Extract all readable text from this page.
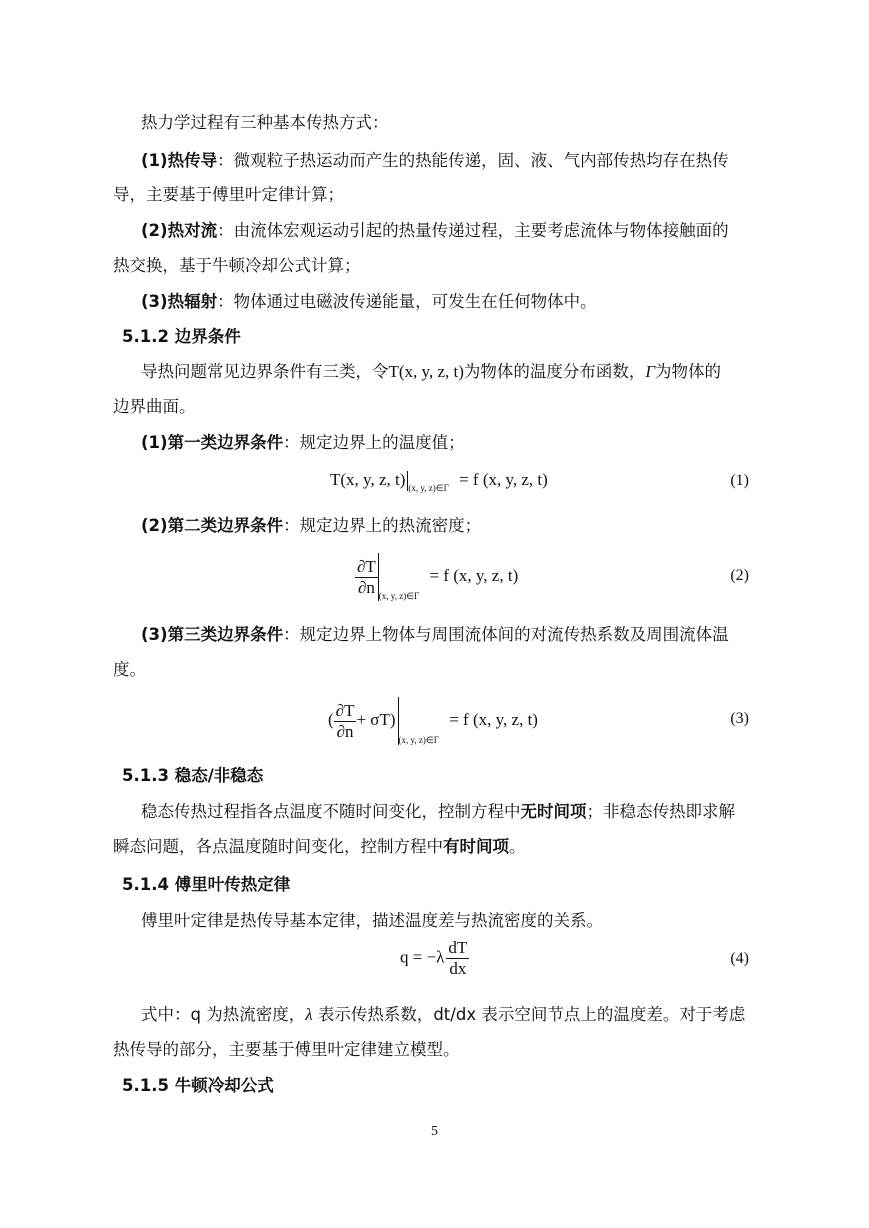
热力学过程有三种基本传热方式：
(1)热传导：微观粒子热运动而产生的热能传递，固、液、气内部传热均存在热传
导，主要基于傅里叶定律计算；
(2)热对流：由流体宏观运动引起的热量传递过程，主要考虑流体与物体接触面的
热交换，基于牛顿冷却公式计算；
(3)热辐射：物体通过电磁波传递能量，可发生在任何物体中。
5.1.2 边界条件
导热问题常见边界条件有三类，令T(x, y, z, t)为物体的温度分布函数，Γ为物体的
边界曲面。
(1)第一类边界条件：规定边界上的温度值；
T(x, y, z, t) $_{(x, y, z)\in\Gamma}$ = f (x, y, z, t)	(1)
(2)第二类边界条件：规定边界上的热流密度；
$\frac{\partial T}{\partial n} _{(x, y, z)\in\Gamma} = f$ (x, y, z, t)	(2)
(3)第三类边界条件：规定边界上物体与周围流体间的对流传热系数及周围流体温
度。
( $\frac{\partial T}{\partial n} + \sigma T)_{(x, y, z)\in\Gamma} = f$ (x, y, z, t)	(3)
5.1.3 稳态/非稳态
稳态传热过程指各点温度不随时间变化，控制方程中无时间项；非稳态传热即求解
瞬态问题，各点温度随时间变化，控制方程中有时间项。
5.1.4 傅里叶传热定律
傅里叶定律是热传导基本定律，描述温度差与热流密度的关系。
$q = -\lambda \frac{dT}{dx}$	(4)
式中：q 为热流密度，λ 表示传热系数，dt/dx 表示空间节点上的温度差。对于考虑
热传导的部分，主要基于傅里叶定律建立模型。
5.1.5 牛顿冷却公式
5
